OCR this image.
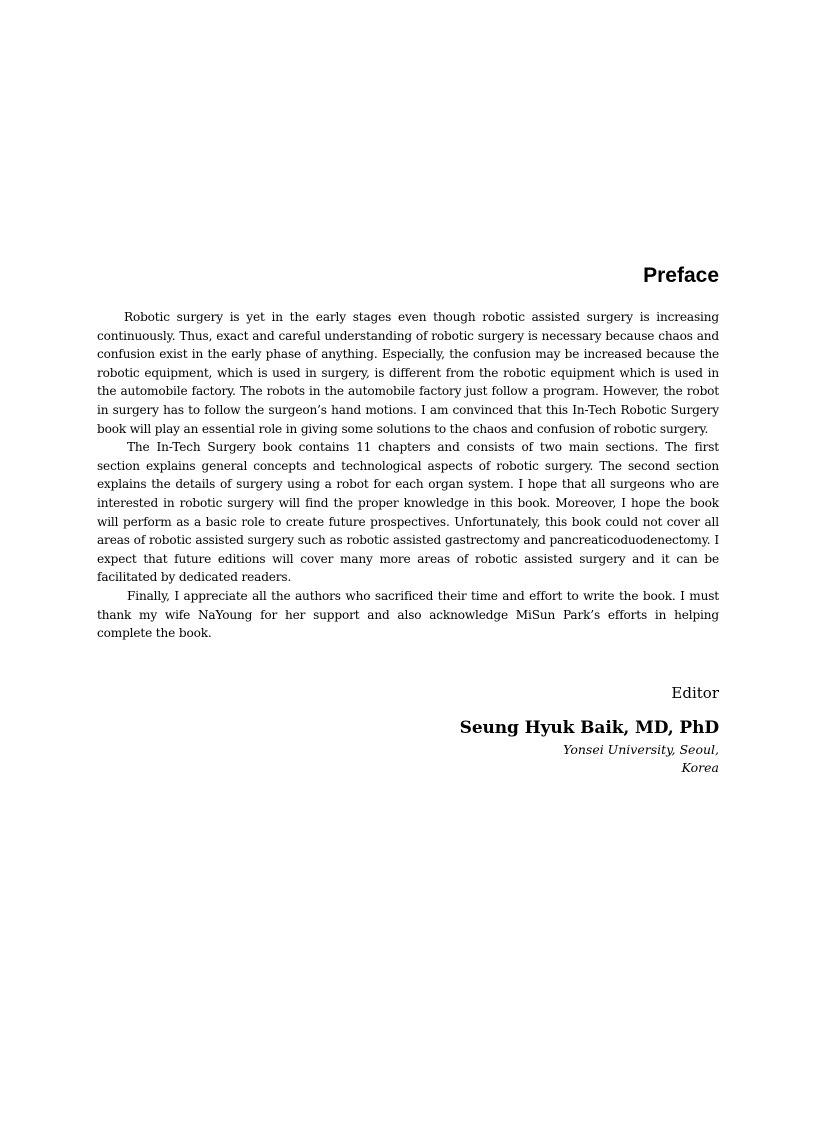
Preface

Robotic surgery is yet in the early stages even though robotic assisted surgery is increasing continuously. Thus, exact and careful understanding of robotic surgery is necessary because chaos and confusion exist in the early phase of anything. Especially, the confusion may be increased because the robotic equipment, which is used in surgery, is different from the robotic equipment which is used in the automobile factory. The robots in the automobile factory just follow a program. However, the robot in surgery has to follow the surgeon’s hand motions. I am convinced that this In-Tech Robotic Surgery book will play an essential role in giving some solutions to the chaos and confusion of robotic surgery.

The In-Tech Surgery book contains 11 chapters and consists of two main sections. The first section explains general concepts and technological aspects of robotic surgery. The second section explains the details of surgery using a robot for each organ system. I hope that all surgeons who are interested in robotic surgery will find the proper knowledge in this book. Moreover, I hope the book will perform as a basic role to create future prospectives. Unfortunately, this book could not cover all areas of robotic assisted surgery such as robotic assisted gastrectomy and pancreaticoduodenectomy. I expect that future editions will cover many more areas of robotic assisted surgery and it can be facilitated by dedicated readers.

Finally, I appreciate all the authors who sacrificed their time and effort to write the book. I must thank my wife NaYoung for her support and also acknowledge MiSun Park’s efforts in helping complete the book.

Editor

Seung Hyuk Baik, MD, PhD

Yonsei University, Seoul,

Korea
